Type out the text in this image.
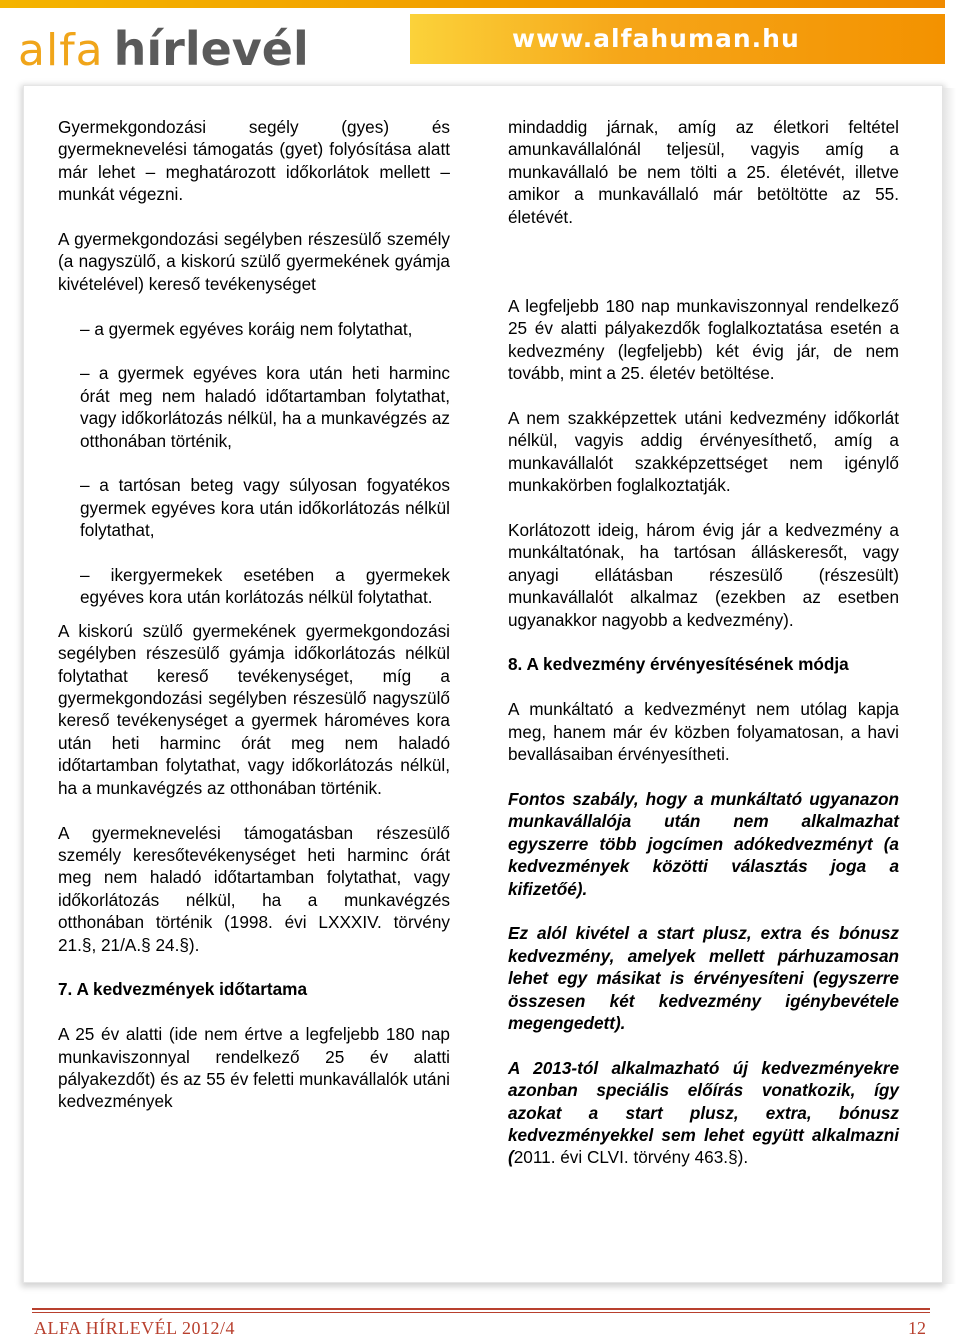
alfa hírlevél	www.alfahuman.hu

Gyermekgondozási segély (gyes) és gyermeknevelési támogatás (gyet) folyósítása alatt már lehet – meghatározott időkorlátok mellett – munkát végezni.

A gyermekgondozási segélyben részesülő személy (a nagyszülő, a kiskorú szülő gyermekének gyámja kivételével) kereső tevékenységet

– a gyermek egyéves koráig nem folytathat,

– a gyermek egyéves kora után heti harminc órát meg nem haladó időtartamban folytathat, vagy időkorlátozás nélkül, ha a munkavégzés az otthonában történik,

– a tartósan beteg vagy súlyosan fogyatékos gyermek egyéves kora után időkorlátozás nélkül folytathat,

– ikergyermekek esetében a gyermekek egyéves kora után korlátozás nélkül folytathat.

A kiskorú szülő gyermekének gyermekgondozási segélyben részesülő gyámja időkorlátozás nélkül folytathat kereső tevékenységet, míg a gyermekgondozási segélyben részesülő nagyszülő kereső tevékenységet a gyermek hároméves kora után heti harminc órát meg nem haladó időtartamban folytathat, vagy időkorlátozás nélkül, ha a munkavégzés az otthonában történik.

A gyermeknevelési támogatásban részesülő személy keresőtevékenységet heti harminc órát meg nem haladó időtartamban folytathat, vagy időkorlátozás nélkül, ha a munkavégzés otthonában történik (1998. évi LXXXIV. törvény 21.§, 21/A.§ 24.§).

7. A kedvezmények időtartama

A 25 év alatti (ide nem értve a legfeljebb 180 nap munkaviszonnyal rendelkező 25 év alatti pályakezdőt) és az 55 év feletti munkavállalók utáni kedvezmények

mindaddig járnak, amíg az életkori feltétel amunkavállalónál teljesül, vagyis amíg a munkavállaló be nem tölti a 25. életévét, illetve amikor a munkavállaló már betöltötte az 55. életévét.

A legfeljebb 180 nap munkaviszonnyal rendelkező 25 év alatti pályakezdők foglalkoztatása esetén a kedvezmény (legfeljebb) két évig jár, de nem tovább, mint a 25. életév betöltése.

A nem szakképzettek utáni kedvezmény időkorlát nélkül, vagyis addig érvényesíthető, amíg a munkavállalót szakképzettséget nem igénylő munkakörben foglalkoztatják.

Korlátozott ideig, három évig jár a kedvezmény a munkáltatónak, ha tartósan álláskeresőt, vagy anyagi ellátásban részesülő (részesült) munkavállalót alkalmaz (ezekben az esetben ugyanakkor nagyobb a kedvezmény).

8. A kedvezmény érvényesítésének módja

A munkáltató a kedvezményt nem utólag kapja meg, hanem már év közben folyamatosan, a havi bevallásaiban érvényesítheti.

Fontos szabály, hogy a munkáltató ugyanazon munkavállalója után nem alkalmazhat egyszerre több jogcímen adókedvezményt (a kedvezmények közötti választás joga a kifizetőé).

Ez alól kivétel a start plusz, extra és bónusz kedvezmény, amelyek mellett párhuzamosan lehet egy másikat is érvényesíteni (egyszerre összesen két kedvezmény igénybevétele megengedett).

A 2013-tól alkalmazható új kedvezményekre azonban speciális előírás vonatkozik, így azokat a start plusz, extra, bónusz kedvezményekkel sem lehet együtt alkalmazni (2011. évi CLVI. törvény 463.§).

ALFA HÍRLEVÉL 2012/4	12
